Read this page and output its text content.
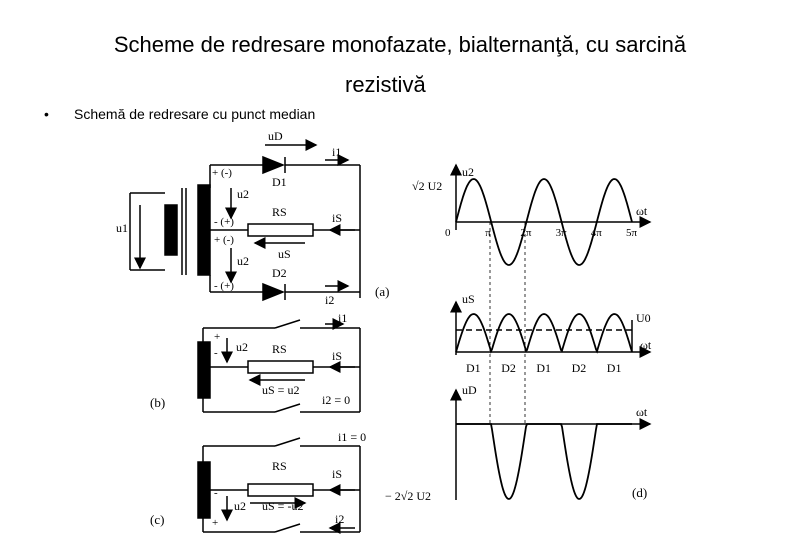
Scheme de redresare monofazate, bialternanţă, cu sarcină
rezistivă
• Schemă de redresare cu punct median
uD
i1
+ (-)
u2
D1
u1	- (+)
RS	iS
+ (-)
uS
u2
D2
- (+)
i2
(a)
i1
+
- u2 RS	iS
uS = u2
i2 = 0
(b)
i1 = 0
RS
iS
-
u2 uS = -u2
+	i2
(c)
u2
√2 U2
ωt
0	π	2π 3π 4π 5π
uS
U0
ωt
D1 D2 D1 D2 D1
uD
ωt
− 2√2 U2	(d)
